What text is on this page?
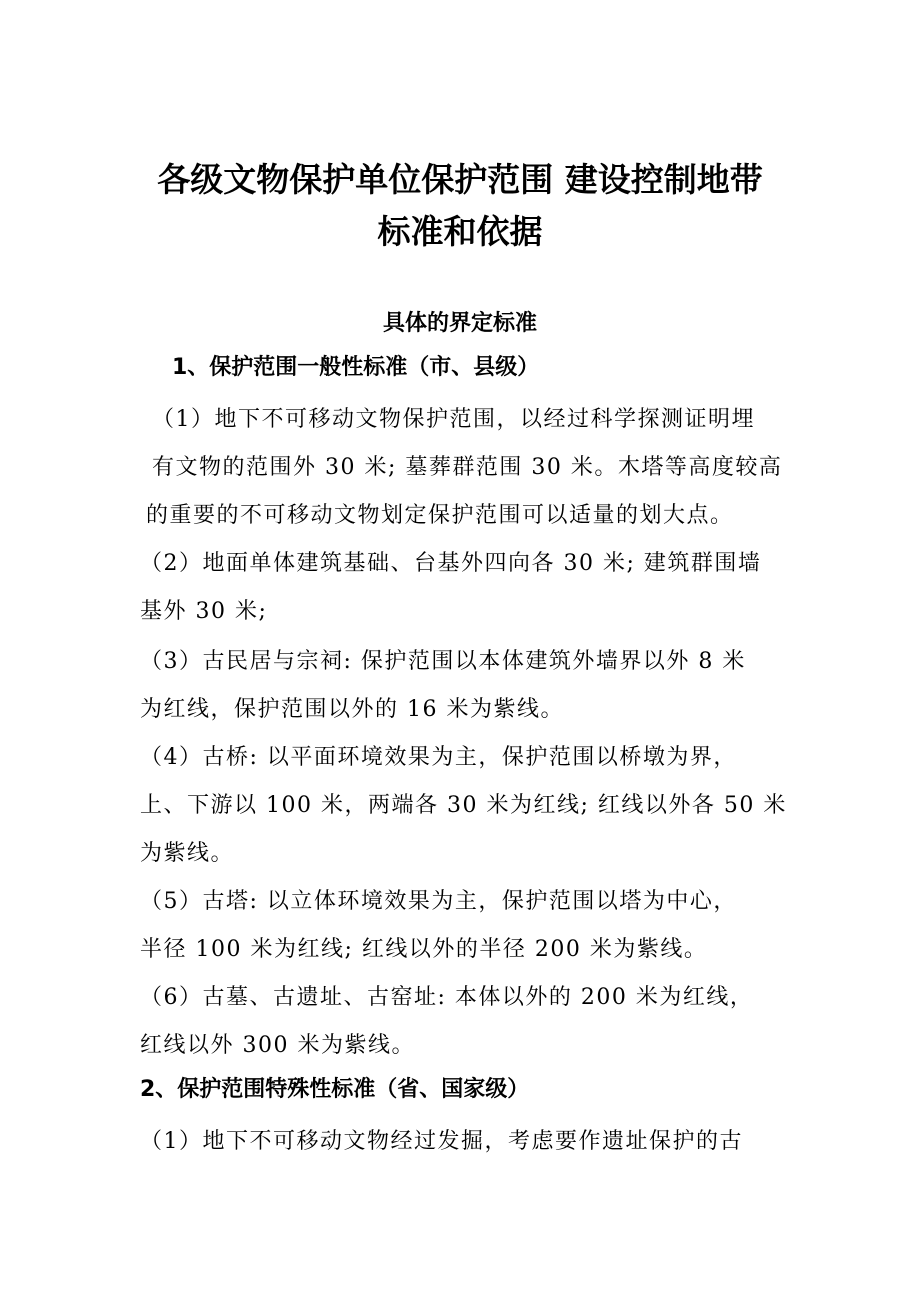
各级文物保护单位保护范围 建设控制地带
标准和依据
具体的界定标准
1、保护范围一般性标准（市、县级）
（1）地下不可移动文物保护范围，以经过科学探测证明埋
有文物的范围外 30 米; 墓葬群范围 30 米。木塔等高度较高
的重要的不可移动文物划定保护范围可以适量的划大点。
（2）地面单体建筑基础、台基外四向各 30 米; 建筑群围墙
基外 30 米;
（3）古民居与宗祠: 保护范围以本体建筑外墙界以外 8 米
为红线，保护范围以外的 16 米为紫线。
（4）古桥: 以平面环境效果为主，保护范围以桥墩为界，
上、下游以 100 米，两端各 30 米为红线; 红线以外各 50 米
为紫线。
（5）古塔: 以立体环境效果为主，保护范围以塔为中心，
半径 100 米为红线; 红线以外的半径 200 米为紫线。
（6）古墓、古遗址、古窑址: 本体以外的 200 米为红线，
红线以外 300 米为紫线。
2、保护范围特殊性标准（省、国家级）
（1）地下不可移动文物经过发掘，考虑要作遗址保护的古
